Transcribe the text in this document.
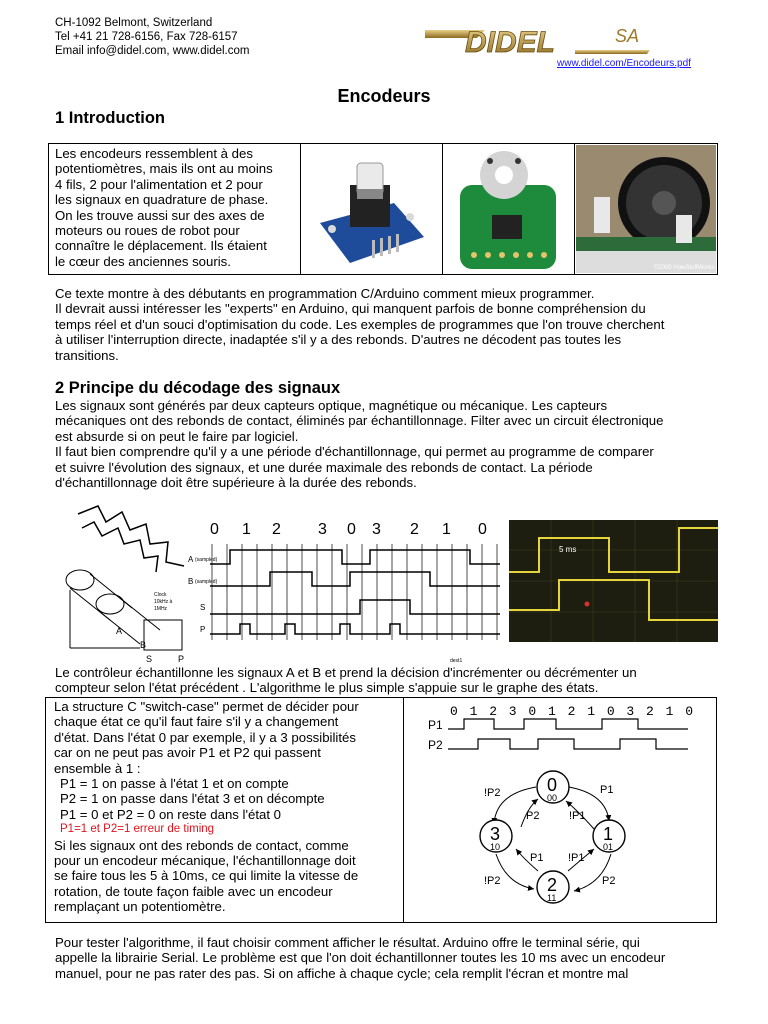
CH-1092 Belmont, Switzerland
Tel +41 21 728-6156, Fax 728-6157
Email info@didel.com, www.didel.com	DIDEL	SA
www.didel.com/Encodeurs.pdf
Encodeurs
1 Introduction
Les encodeurs ressemblent à des
potentiomètres, mais ils ont au moins
4 fils, 2 pour l'alimentation et 2 pour
les signaux en quadrature de phase.
On les trouve aussi sur des axes de
moteurs ou roues de robot pour
connaître le déplacement. Ils étaient
le cœur des anciennes souris.	©2000 HowStuffWorks
Ce texte montre à des débutants en programmation C/Arduino comment mieux programmer.
Il devrait aussi intéresser les "experts" en Arduino, qui manquent parfois de bonne compréhension du
temps réel et d'un souci d'optimisation du code. Les exemples de programmes que l'on trouve cherchent
à utiliser l'interruption directe, inadaptée s'il y a des rebonds. D'autres ne décodent pas toutes les
transitions.
2 Principe du décodage des signaux
Les signaux sont générés par deux capteurs optique, magnétique ou mécanique. Les capteurs
mécaniques ont des rebonds de contact, éliminés par échantillonnage. Filter avec un circuit électronique
est absurde si on peut le faire par logiciel.
Il faut bien comprendre qu'il y a une période d'échantillonnage, qui permet au programme de comparer
et suivre l'évolution des signaux, et une durée maximale des rebonds de contact. La période
d'échantillonnage doit être supérieure à la durée des rebonds.
Clock
10kHz à
1MHz
A
B
S	P
0 1 2 3 0 3 2 1 0
A (sampled)
B (sampled)
S
P
dest1
5 ms
Le contrôleur échantillonne les signaux A et B et prend la décision d'incrémenter ou décrémenter un
compteur selon l'état précédent . L'algorithme le plus simple s'appuie sur le graphe des états.
La structure C "switch-case" permet de décider pour
chaque état ce qu'il faut faire s'il y a changement
d'état. Dans l'état 0 par exemple, il y a 3 possibilités
car on ne peut pas avoir P1 et P2 qui passent
ensemble à 1 :
P1 = 1 on passe à l'état 1 et on compte
P2 = 1 on passe dans l'état 3 et on décompte
P1 = 0 et P2 = 0 on reste dans l'état 0
P1=1 et P2=1 erreur de timing
Si les signaux ont des rebonds de contact, comme
pour un encodeur mécanique, l'échantillonnage doit
se faire tous les 5 à 10ms, ce qui limite la vitesse de
rotation, de toute façon faible avec un encodeur
remplaçant un potentiomètre.
0 1 2 3 0 1 2 1 0 3 2 1 0
P1
P2
0
00
1
01
2
11
3
10
!P2	P1
P2	!P1
P1
!P2
!P1
P2
Pour tester l'algorithme, il faut choisir comment afficher le résultat. Arduino offre le terminal série, qui
appelle la librairie Serial. Le problème est que l'on doit échantillonner toutes les 10 ms avec un encodeur
manuel, pour ne pas rater des pas. Si on affiche à chaque cycle; cela remplit l'écran et montre mal
